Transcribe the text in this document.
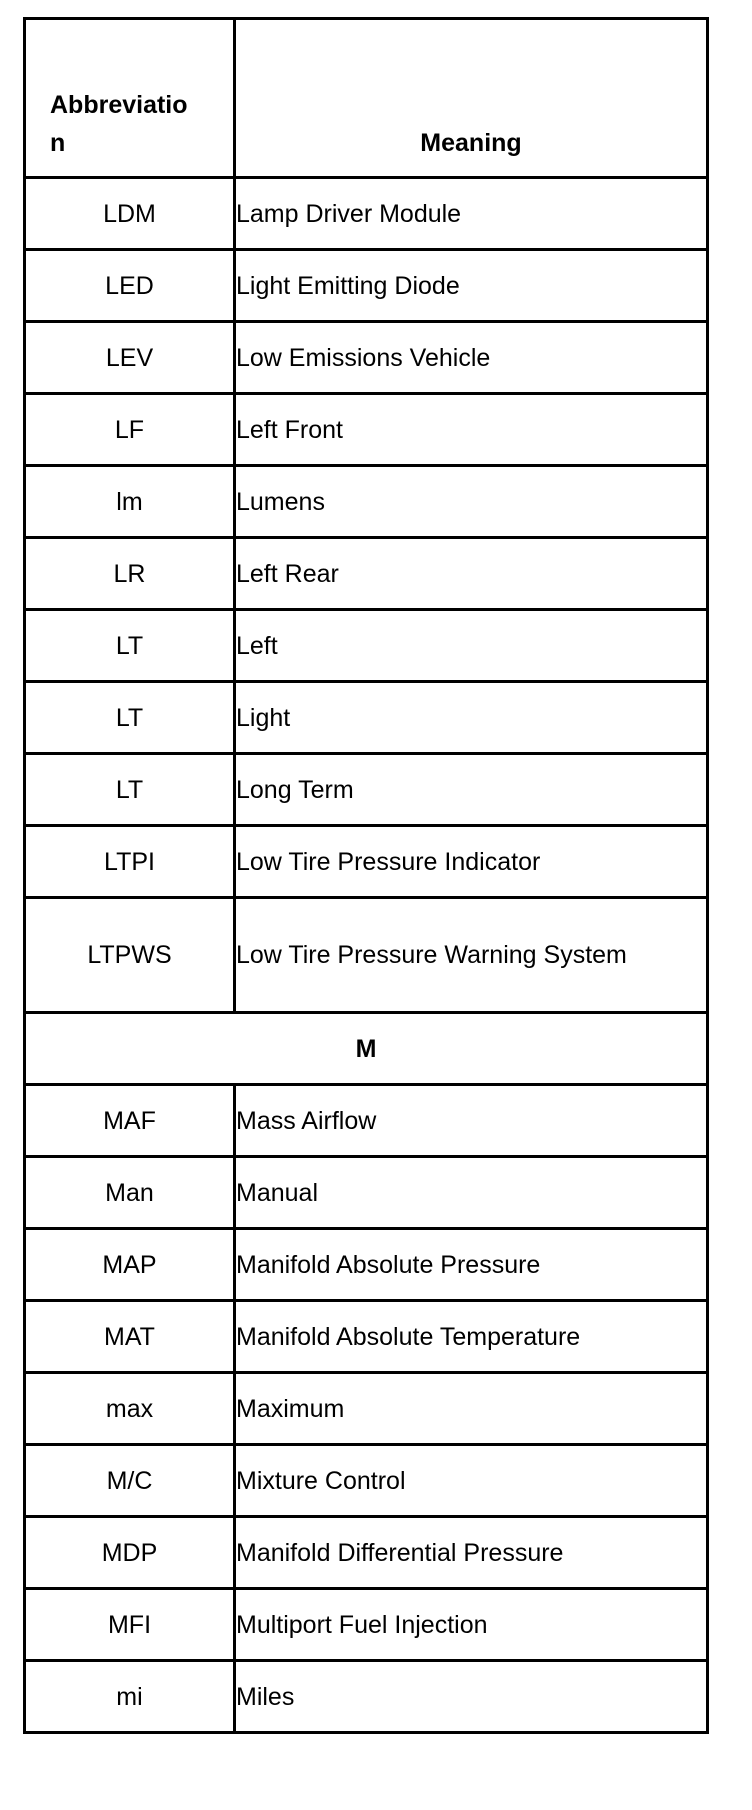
Abbreviation	Meaning
LDM	Lamp Driver Module
LED	Light Emitting Diode
LEV	Low Emissions Vehicle
LF	Left Front
lm	Lumens
LR	Left Rear
LT	Left
LT	Light
LT	Long Term
LTPI	Low Tire Pressure Indicator
LTPWS	Low Tire Pressure Warning System
M	
MAF	Mass Airflow
Man	Manual
MAP	Manifold Absolute Pressure
MAT	Manifold Absolute Temperature
max	Maximum
M/C	Mixture Control
MDP	Manifold Differential Pressure
MFI	Multiport Fuel Injection
mi	Miles
